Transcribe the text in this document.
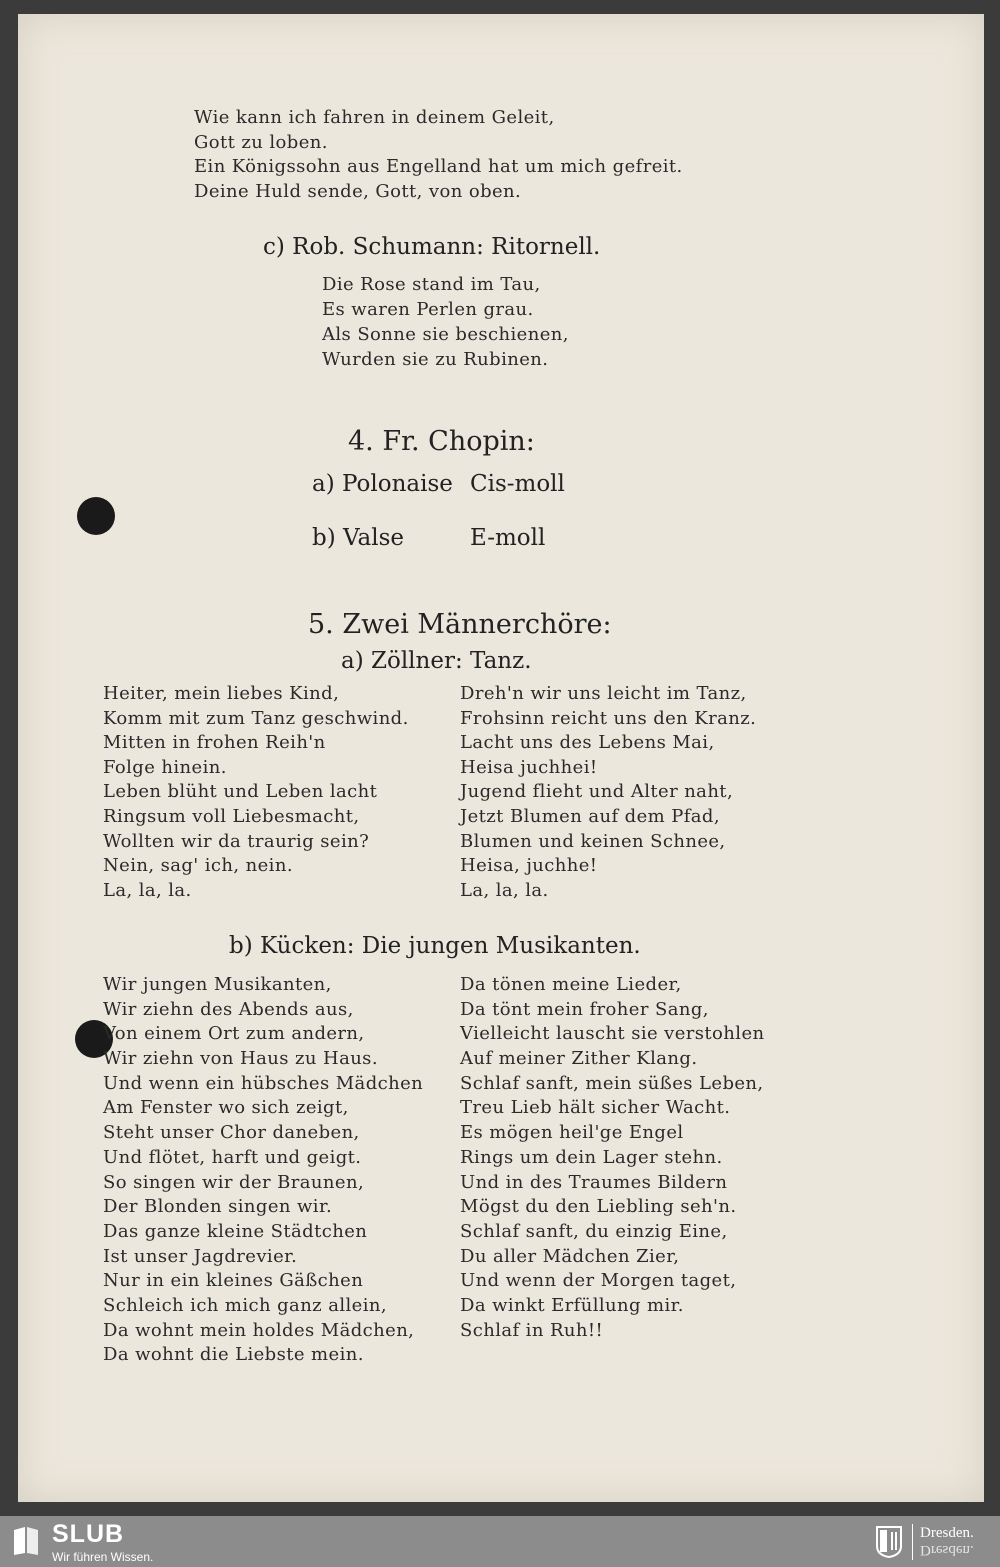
Wie kann ich fahren in deinem Geleit,

Gott zu loben.

Ein Königssohn aus Engelland hat um mich gefreit.

Deine Huld sende, Gott, von oben.

c) Rob. Schumann: Ritornell.

Die Rose stand im Tau,

Es waren Perlen grau.

Als Sonne sie beschienen,

Wurden sie zu Rubinen.

4. Fr. Chopin:

a) Polonaise Cis-moll

b) Valse	E-moll

5. Zwei Männerchöre:

a) Zöllner: Tanz.

Heiter, mein liebes Kind,

Komm mit zum Tanz geschwind.

Mitten in frohen Reih'n

Folge hinein.

Leben blüht und Leben lacht

Ringsum voll Liebesmacht,

Wollten wir da traurig sein?

Nein, sag' ich, nein.

La, la, la.

Dreh'n wir uns leicht im Tanz,

Frohsinn reicht uns den Kranz.

Lacht uns des Lebens Mai,

Heisa juchhei!

Jugend flieht und Alter naht,

Jetzt Blumen auf dem Pfad,

Blumen und keinen Schnee,

Heisa, juchhe!

La, la, la.

b) Kücken: Die jungen Musikanten.

Wir jungen Musikanten,

Wir ziehn des Abends aus,

Von einem Ort zum andern,

Wir ziehn von Haus zu Haus.

Und wenn ein hübsches Mädchen

Am Fenster wo sich zeigt,

Steht unser Chor daneben,

Und flötet, harft und geigt.

So singen wir der Braunen,

Der Blonden singen wir.

Das ganze kleine Städtchen

Ist unser Jagdrevier.

Nur in ein kleines Gäßchen

Schleich ich mich ganz allein,

Da wohnt mein holdes Mädchen,

Da wohnt die Liebste mein.

Da tönen meine Lieder,

Da tönt mein froher Sang,

Vielleicht lauscht sie verstohlen

Auf meiner Zither Klang.

Schlaf sanft, mein süßes Leben,

Treu Lieb hält sicher Wacht.

Es mögen heil'ge Engel

Rings um dein Lager stehn.

Und in des Traumes Bildern

Mögst du den Liebling seh'n.

Schlaf sanft, du einzig Eine,

Du aller Mädchen Zier,

Und wenn der Morgen taget,

Da winkt Erfüllung mir.

Schlaf in Ruh!!

SLUB
Wir führen Wissen.
Dresden.
Dresden.
